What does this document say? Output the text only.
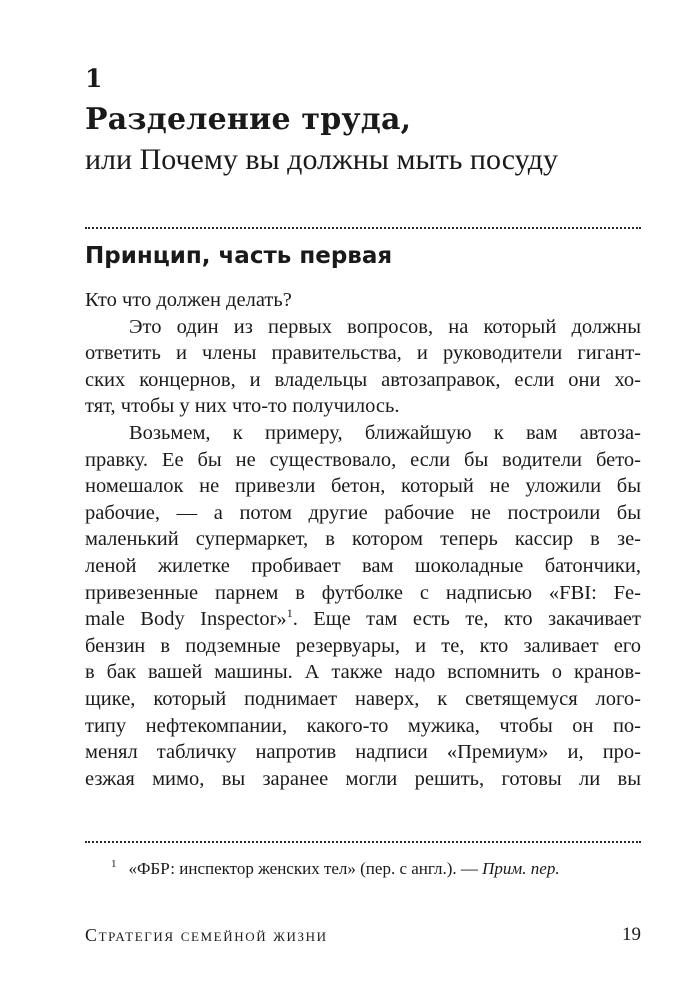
1
Разделение труда,
или Почему вы должны мыть посуду
Принцип, часть первая
Кто что должен делать?
Это один из первых вопросов, на который должны
ответить и члены правительства, и руководители гигант-
ских концернов, и владельцы автозаправок, если они хо-
тят, чтобы у них что-то получилось.
Возьмем, к примеру, ближайшую к вам автоза-
правку. Ее бы не существовало, если бы водители бето-
номешалок не привезли бетон, который не уложили бы
рабочие, — а потом другие рабочие не построили бы
маленький супермаркет, в котором теперь кассир в зе-
леной жилетке пробивает вам шоколадные батончики,
привезенные парнем в футболке с надписью «FBI: Fe-
male Body Inspector»$^1$. Еще там есть те, кто закачивает
бензин в подземные резервуары, и те, кто заливает его
в бак вашей машины. А также надо вспомнить о кранов-
щике, который поднимает наверх, к светящемуся лого-
типу нефтекомпании, какого-то мужика, чтобы он по-
менял табличку напротив надписи «Премиум» и, про-
езжая мимо, вы заранее могли решить, готовы ли вы
$^1$ «ФБР: инспектор женских тел» (пер. с англ.). — Прим. пер.
Стратегия семейной жизни	19
